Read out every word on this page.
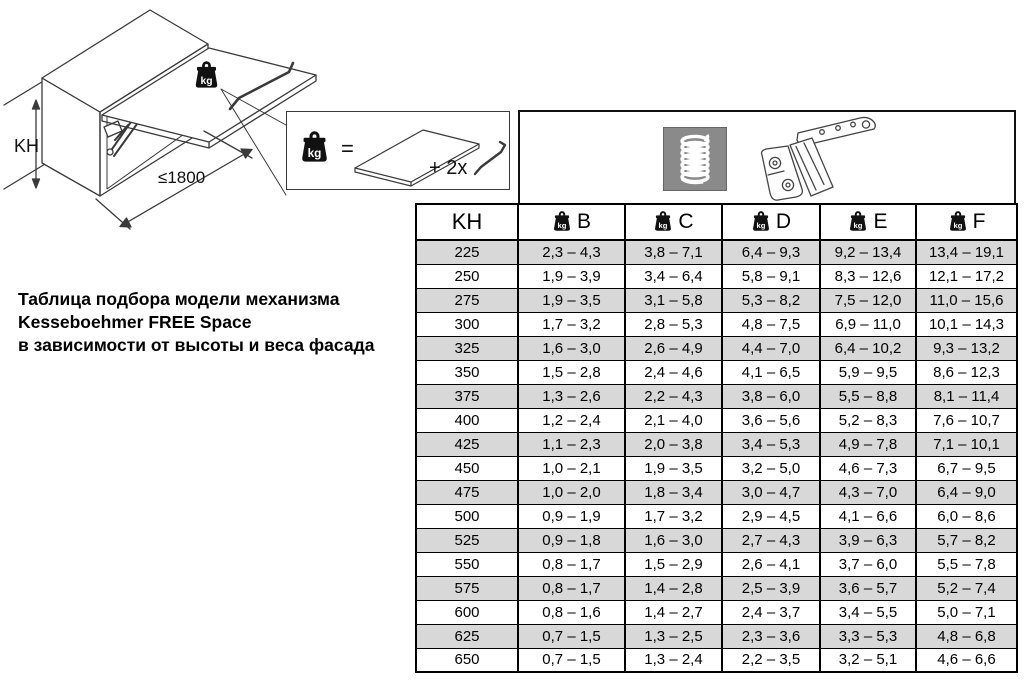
KH
≤1800
=
+ 2x
Таблица подбора модели механизма
Kesseboehmer FREE Space
в зависимости от высоты и веса фасада
KH	B	C	D	E	F
225	2,3 – 4,3	3,8 – 7,1	6,4 – 9,3	9,2 – 13,4	13,4 – 19,1
250	1,9 – 3,9	3,4 – 6,4	5,8 – 9,1	8,3 – 12,6	12,1 – 17,2
275	1,9 – 3,5	3,1 – 5,8	5,3 – 8,2	7,5 – 12,0	11,0 – 15,6
300	1,7 – 3,2	2,8 – 5,3	4,8 – 7,5	6,9 – 11,0	10,1 – 14,3
325	1,6 – 3,0	2,6 – 4,9	4,4 – 7,0	6,4 – 10,2	9,3 – 13,2
350	1,5 – 2,8	2,4 – 4,6	4,1 – 6,5	5,9 – 9,5	8,6 – 12,3
375	1,3 – 2,6	2,2 – 4,3	3,8 – 6,0	5,5 – 8,8	8,1 – 11,4
400	1,2 – 2,4	2,1 – 4,0	3,6 – 5,6	5,2 – 8,3	7,6 – 10,7
425	1,1 – 2,3	2,0 – 3,8	3,4 – 5,3	4,9 – 7,8	7,1 – 10,1
450	1,0 – 2,1	1,9 – 3,5	3,2 – 5,0	4,6 – 7,3	6,7 – 9,5
475	1,0 – 2,0	1,8 – 3,4	3,0 – 4,7	4,3 – 7,0	6,4 – 9,0
500	0,9 – 1,9	1,7 – 3,2	2,9 – 4,5	4,1 – 6,6	6,0 – 8,6
525	0,9 – 1,8	1,6 – 3,0	2,7 – 4,3	3,9 – 6,3	5,7 – 8,2
550	0,8 – 1,7	1,5 – 2,9	2,6 – 4,1	3,7 – 6,0	5,5 – 7,8
575	0,8 – 1,7	1,4 – 2,8	2,5 – 3,9	3,6 – 5,7	5,2 – 7,4
600	0,8 – 1,6	1,4 – 2,7	2,4 – 3,7	3,4 – 5,5	5,0 – 7,1
625	0,7 – 1,5	1,3 – 2,5	2,3 – 3,6	3,3 – 5,3	4,8 – 6,8
650	0,7 – 1,5	1,3 – 2,4	2,2 – 3,5	3,2 – 5,1	4,6 – 6,6
